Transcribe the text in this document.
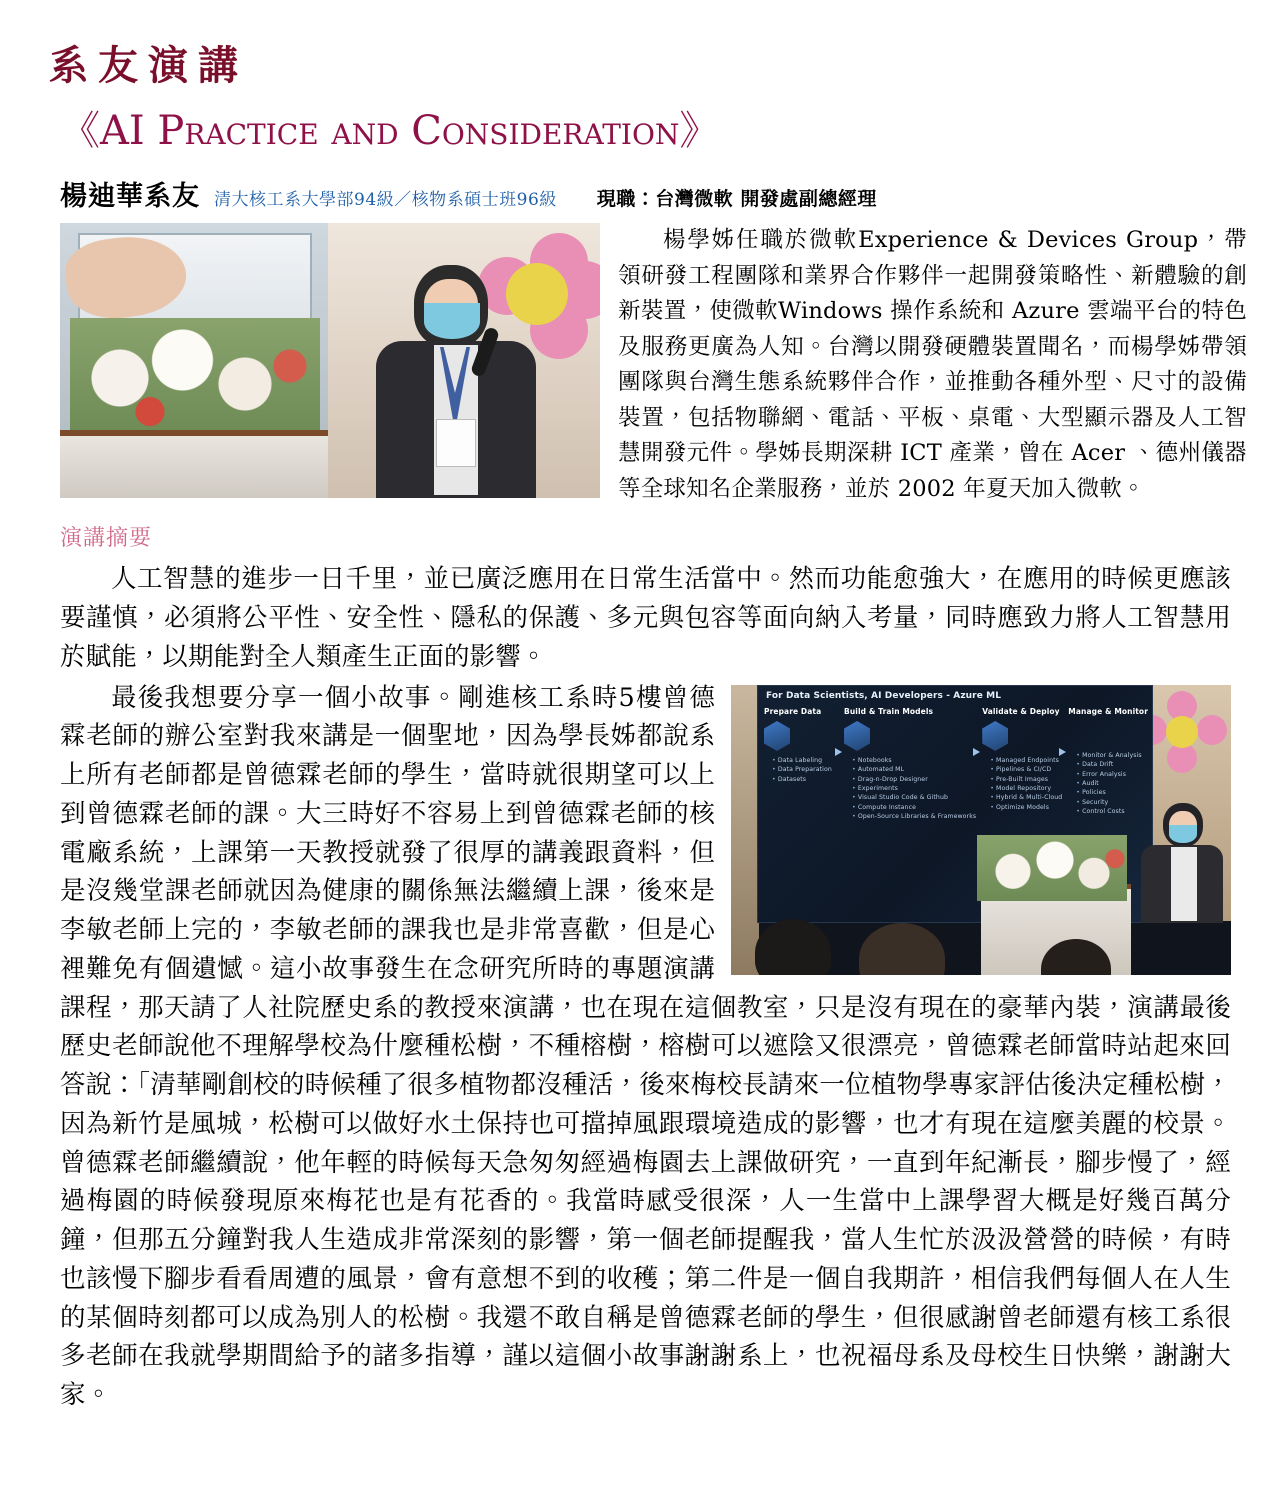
系友演講
《AI Practice and Consideration》
楊迪華系友 清大核工系大學部94級／核物系碩士班96級 現職：台灣微軟 開發處副總經理
楊學姊任職於微軟Experience & Devices Group，帶領研發工程團隊和業界合作夥伴一起開發策略性、新體驗的創新裝置，使微軟Windows 操作系統和 Azure 雲端平台的特色及服務更廣為人知。台灣以開發硬體裝置聞名，而楊學姊帶領團隊與台灣生態系統夥伴合作，並推動各種外型、尺寸的設備裝置，包括物聯網、電話、平板、桌電、大型顯示器及人工智慧開發元件。學姊長期深耕 ICT 產業，曾在 Acer 、德州儀器等全球知名企業服務，並於 2002 年夏天加入微軟。
演講摘要

人工智慧的進步一日千里，並已廣泛應用在日常生活當中。然而功能愈強大，在應用的時候更應該要謹慎，必須將公平性、安全性、隱私的保護、多元與包容等面向納入考量，同時應致力將人工智慧用於賦能，以期能對全人類產生正面的影響。

For Data Scientists, AI Developers - Azure ML
Prepare Data
• Data Labeling
• Data Preparation
• Datasets
Build & Train Models
• Notebooks
• Automated ML
• Drag-n-Drop Designer
• Experiments
• Visual Studio Code & Github
• Compute Instance
• Open-Source Libraries & Frameworks
Validate & Deploy
• Managed Endpoints
• Pipelines & CI/CD
• Pre-Built Images
• Model Repository
• Hybrid & Multi-Cloud
• Optimize Models
Manage & Monitor
• Monitor & Analysis
• Data Drift
• Error Analysis
• Audit
• Policies
• Security
• Control Costs

最後我想要分享一個小故事。剛進核工系時5樓曾德霖老師的辦公室對我來講是一個聖地，因為學長姊都說系上所有老師都是曾德霖老師的學生，當時就很期望可以上到曾德霖老師的課。大三時好不容易上到曾德霖老師的核電廠系統，上課第一天教授就發了很厚的講義跟資料，但是沒幾堂課老師就因為健康的關係無法繼續上課，後來是李敏老師上完的，李敏老師的課我也是非常喜歡，但是心裡難免有個遺憾。這小故事發生在念研究所時的專題演講課程，那天請了人社院歷史系的教授來演講，也在現在這個教室，只是沒有現在的豪華內裝，演講最後歷史老師說他不理解學校為什麼種松樹，不種榕樹，榕樹可以遮陰又很漂亮，曾德霖老師當時站起來回答說：「清華剛創校的時候種了很多植物都沒種活，後來梅校長請來一位植物學專家評估後決定種松樹，因為新竹是風城，松樹可以做好水土保持也可擋掉風跟環境造成的影響，也才有現在這麼美麗的校景。曾德霖老師繼續說，他年輕的時候每天急匆匆經過梅園去上課做研究，一直到年紀漸長，腳步慢了，經過梅園的時候發現原來梅花也是有花香的。我當時感受很深，人一生當中上課學習大概是好幾百萬分鐘，但那五分鐘對我人生造成非常深刻的影響，第一個老師提醒我，當人生忙於汲汲營營的時候，有時也該慢下腳步看看周遭的風景，會有意想不到的收穫；第二件是一個自我期許，相信我們每個人在人生的某個時刻都可以成為別人的松樹。我還不敢自稱是曾德霖老師的學生，但很感謝曾老師還有核工系很多老師在我就學期間給予的諸多指導，謹以這個小故事謝謝系上，也祝福母系及母校生日快樂，謝謝大家。
